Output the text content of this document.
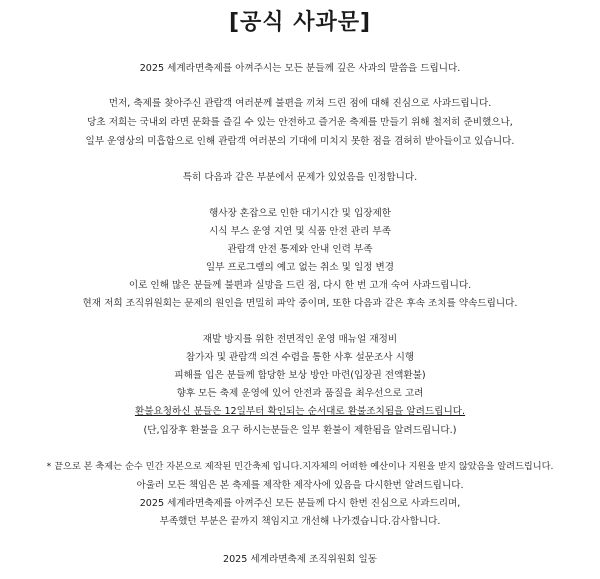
[공식 사과문]
2025 세계라면축제를 아껴주시는 모든 분들께 깊은 사과의 말씀을 드립니다.
먼저, 축제를 찾아주신 관람객 여러분께 불편을 끼쳐 드린 점에 대해 진심으로 사과드립니다.
당초 저희는 국내외 라면 문화를 즐길 수 있는 안전하고 즐거운 축제를 만들기 위해 철저히 준비했으나,
일부 운영상의 미흡함으로 인해 관람객 여러분의 기대에 미치지 못한 점을 겸허히 받아들이고 있습니다.
특히 다음과 같은 부분에서 문제가 있었음을 인정합니다.
행사장 혼잡으로 인한 대기시간 및 입장제한
시식 부스 운영 지연 및 식품 안전 관리 부족
관람객 안전 통제와 안내 인력 부족
일부 프로그램의 예고 없는 취소 및 일정 변경
이로 인해 많은 분들께 불편과 실망을 드린 점, 다시 한 번 고개 숙여 사과드립니다.
현재 저희 조직위원회는 문제의 원인을 면밀히 파악 중이며, 또한 다음과 같은 후속 조치를 약속드립니다.
재발 방지를 위한 전면적인 운영 매뉴얼 재정비
참가자 및 관람객 의견 수렴을 통한 사후 설문조사 시행
피해를 입은 분들께 합당한 보상 방안 마련(입장권 전액환불)
향후 모든 축제 운영에 있어 안전과 품질을 최우선으로 고려
환불요청하신 분들은 12일부터 확인되는 순서대로 환불조치됨을 알려드립니다.
(단,입장후 환불을 요구 하시는분들은 일부 환불이 제한됨을 알려드립니다.)
* 끝으로 본 축제는 순수 민간 자본으로 제작된 민간축제 입니다.지자체의 어떠한 예산이나 지원을 받지 않았음을 알려드립니다.
아울러 모든 책임은 본 축제를 제작한 제작사에 있음을 다시한번 알려드립니다.
2025 세계라면축제를 아껴주신 모든 분들께 다시 한번 진심으로 사과드리며,
부족했던 부분은 끝까지 책임지고 개선해 나가겠습니다.감사합니다.
2025 세계라면축제 조직위원회 일동
